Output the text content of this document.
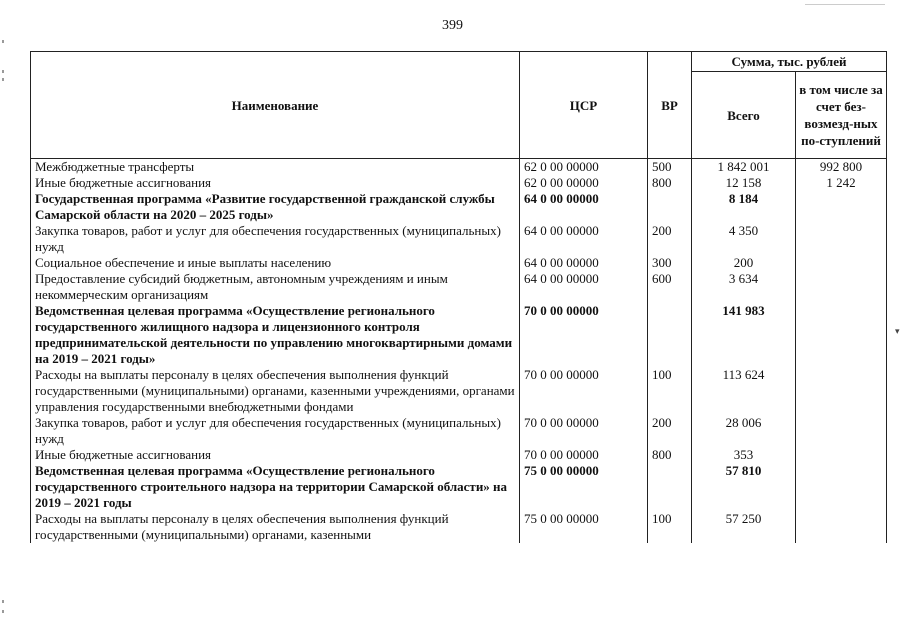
399
▾
Наименование	ЦСР	ВР	Сумма, тыс. рублей	
			Всего	в том числе за счет без-возмезд-ных по-ступлений
Межбюджетные трансферты	62 0 00 00000	500	1 842 001	992 800
Иные бюджетные ассигнования	62 0 00 00000	800	12 158	1 242
Государственная программа «Развитие государственной гражданской службы Самарской области на 2020 – 2025 годы»	64 0 00 00000		8 184	
Закупка товаров, работ и услуг для обеспечения государственных (муниципальных) нужд	64 0 00 00000	200	4 350	
Социальное обеспечение и иные выплаты населению	64 0 00 00000	300	200	
Предоставление субсидий бюджетным, автономным учреждениям и иным некоммерческим организациям	64 0 00 00000	600	3 634	
Ведомственная целевая программа «Осуществление регионального государственного жилищного надзора и лицензионного контроля предпринимательской деятельности по управлению многоквартирными домами на 2019 – 2021 годы»	70 0 00 00000		141 983	
Расходы на выплаты персоналу в целях обеспечения выполнения функций государственными (муниципальными) органами, казенными учреждениями, органами управления государственными внебюджетными фондами	70 0 00 00000	100	113 624	
Закупка товаров, работ и услуг для обеспечения государственных (муниципальных) нужд	70 0 00 00000	200	28 006	
Иные бюджетные ассигнования	70 0 00 00000	800	353	
Ведомственная целевая программа «Осуществление регионального государственного строительного надзора на территории Самарской области» на 2019 – 2021 годы	75 0 00 00000		57 810	
Расходы на выплаты персоналу в целях обеспечения выполнения функций государственными (муниципальными) органами, казенными	75 0 00 00000	100	57 250	
